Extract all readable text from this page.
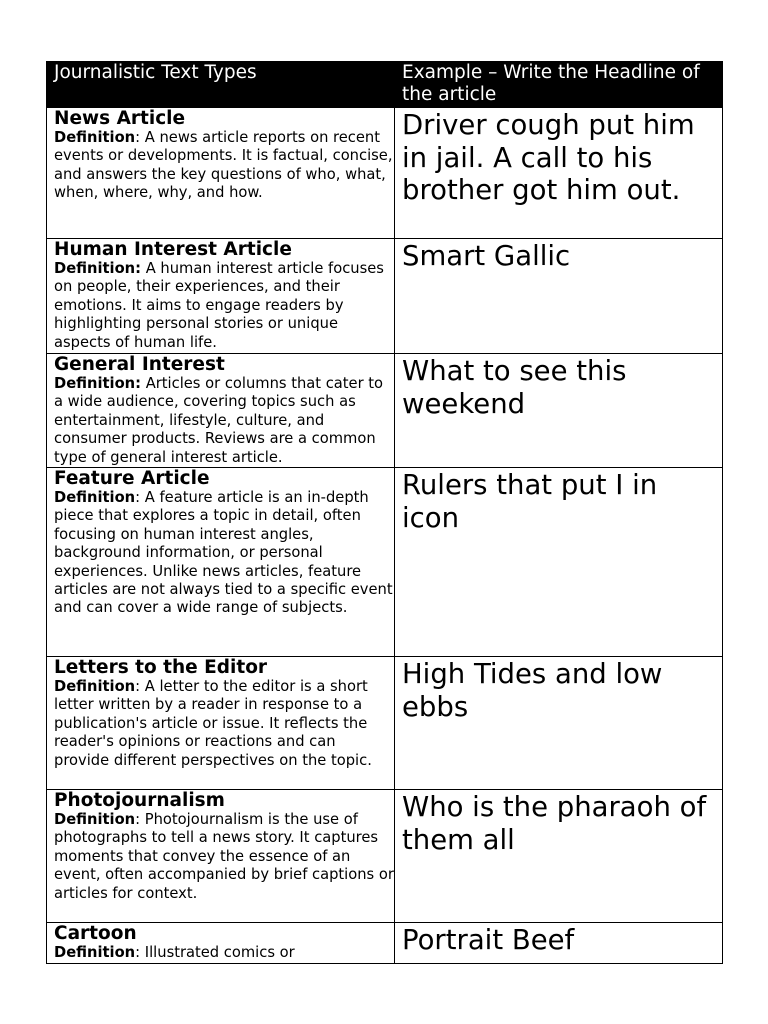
Journalistic Text Types	Example – Write the Headline of the article

News Article
Definition: A news article reports on recent events or developments. It is factual, concise, and answers the key questions of who, what, when, where, why, and how.	Driver cough put him in jail. A call to his brother got him out.

Human Interest Article
Definition: A human interest article focuses on people, their experiences, and their emotions. It aims to engage readers by highlighting personal stories or unique aspects of human life.	Smart Gallic

General Interest
Definition: Articles or columns that cater to a wide audience, covering topics such as entertainment, lifestyle, culture, and consumer products. Reviews are a common type of general interest article.	What to see this weekend

Feature Article
Definition: A feature article is an in-depth piece that explores a topic in detail, often focusing on human interest angles, background information, or personal experiences. Unlike news articles, feature articles are not always tied to a specific event and can cover a wide range of subjects.	Rulers that put I in icon

Letters to the Editor
Definition: A letter to the editor is a short letter written by a reader in response to a publication's article or issue. It reflects the reader's opinions or reactions and can provide different perspectives on the topic.	High Tides and low ebbs

Photojournalism
Definition: Photojournalism is the use of photographs to tell a news story. It captures moments that convey the essence of an event, often accompanied by brief captions or articles for context.	Who is the pharaoh of them all

Cartoon
Definition: Illustrated comics or	Portrait Beef
